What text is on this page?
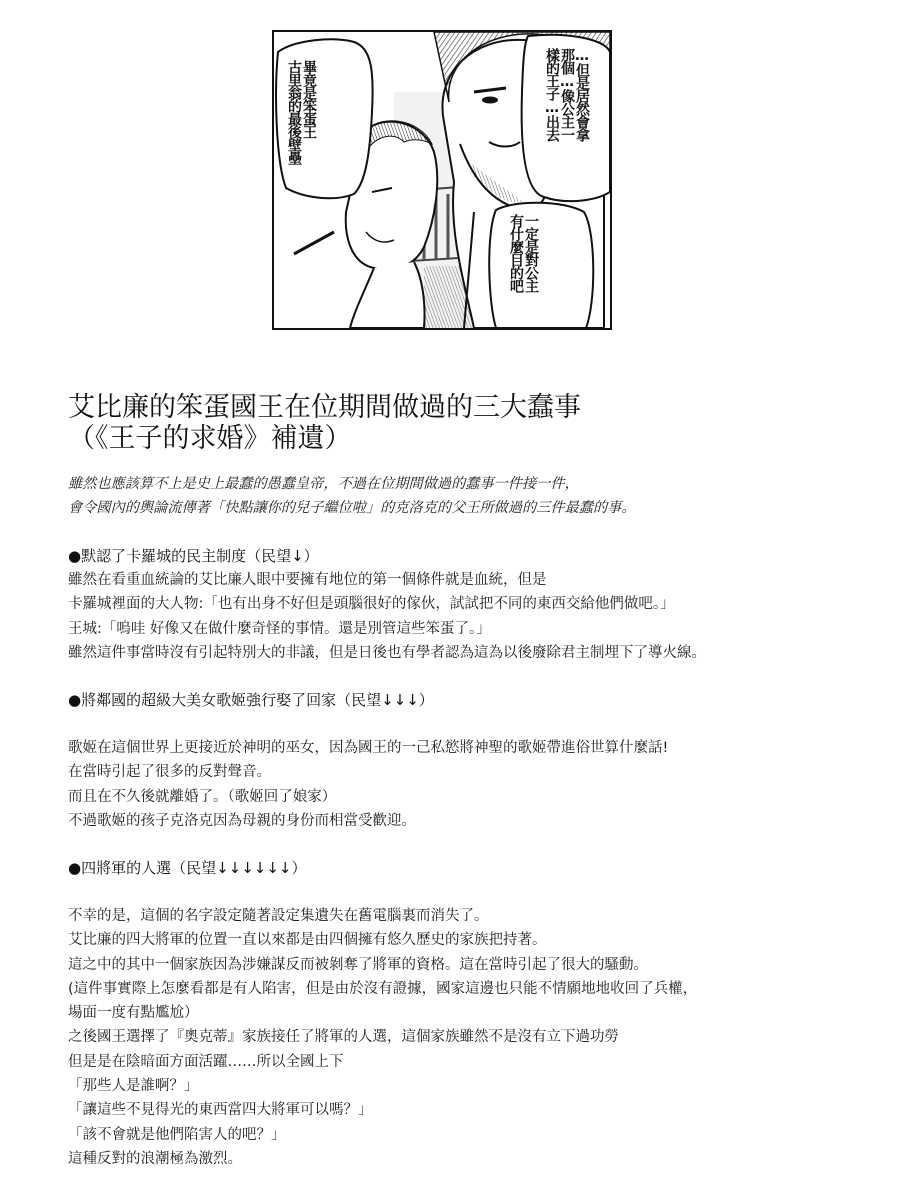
畢竟是笨蛋王
古里翁的最後壁壘	…但是居然會拿
那個…像公主一
樣的王子…出去
一定是對公主
有什麼目的吧
艾比廉的笨蛋國王在位期間做過的三大蠢事
（《王子的求婚》補遺）
雖然也應該算不上是史上最蠢的愚蠢皇帝，不過在位期間做過的蠢事一件接一件，
會令國內的輿論流傳著「快點讓你的兒子繼位啦」的克洛克的父王所做過的三件最蠢的事。
●默認了卡羅城的民主制度（民望↓）
雖然在看重血統論的艾比廉人眼中要擁有地位的第一個條件就是血統，但是
卡羅城裡面的大人物:「也有出身不好但是頭腦很好的傢伙，試試把不同的東西交給他們做吧。」
王城:「嗚哇 好像又在做什麼奇怪的事情。還是別管這些笨蛋了。」
雖然這件事當時沒有引起特別大的非議，但是日後也有學者認為這為以後廢除君主制埋下了導火線。
●將鄰國的超級大美女歌姬強行娶了回家（民望↓↓↓）
歌姬在這個世界上更接近於神明的巫女，因為國王的一己私慾將神聖的歌姬帶進俗世算什麼話!
在當時引起了很多的反對聲音。
而且在不久後就離婚了。（歌姬回了娘家）
不過歌姬的孩子克洛克因為母親的身份而相當受歡迎。
●四將軍的人選（民望↓↓↓↓↓↓）
不幸的是，這個的名字設定隨著設定集遺失在舊電腦裏而消失了。
艾比廉的四大將軍的位置一直以來都是由四個擁有悠久歷史的家族把持著。
這之中的其中一個家族因為涉嫌謀反而被剝奪了將軍的資格。這在當時引起了很大的騷動。
(這件事實際上怎麼看都是有人陷害，但是由於沒有證據，國家這邊也只能不情願地地收回了兵權，
場面一度有點尷尬）
之後國王選擇了『奧克蒂』家族接任了將軍的人選，這個家族雖然不是沒有立下過功勞
但是是在陰暗面方面活躍……所以全國上下
「那些人是誰啊？」
「讓這些不見得光的東西當四大將軍可以嗎？」
「該不會就是他們陷害人的吧？」
這種反對的浪潮極為激烈。
